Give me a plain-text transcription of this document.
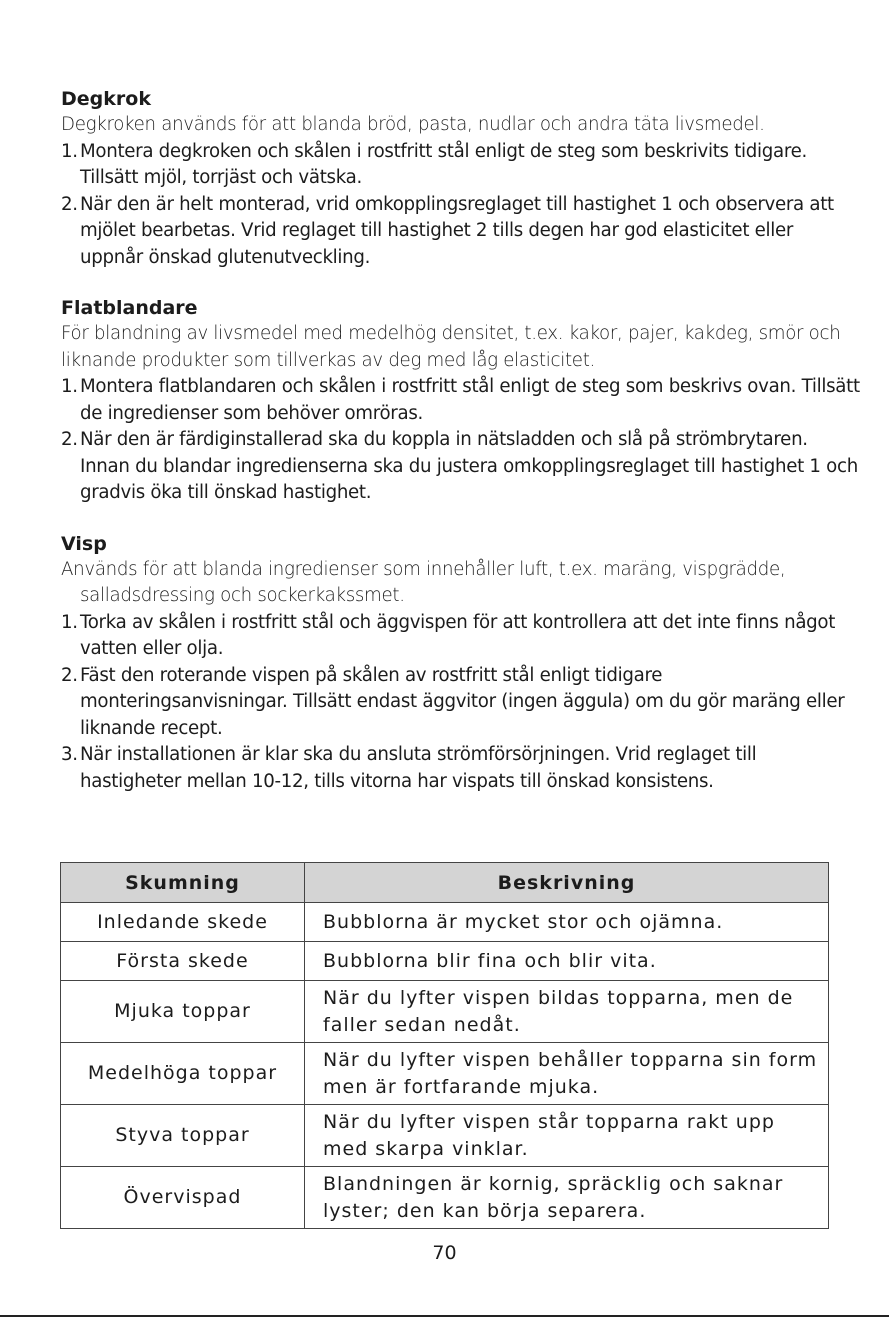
Degkrok

Degkroken används för att blanda bröd, pasta, nudlar och andra täta livsmedel.

1. Montera degkroken och skålen i rostfritt stål enligt de steg som beskrivits tidigare. Tillsätt mjöl, torrjäst och vätska.
2. När den är helt monterad, vrid omkopplingsreglaget till hastighet 1 och observera att mjölet bearbetas. Vrid reglaget till hastighet 2 tills degen har god elasticitet eller uppnår önskad glutenutveckling.
Flatblandare

För blandning av livsmedel med medelhög densitet, t.ex. kakor, pajer, kakdeg, smör och liknande produkter som tillverkas av deg med låg elasticitet.

1. Montera flatblandaren och skålen i rostfritt stål enligt de steg som beskrivs ovan. Tillsätt de ingredienser som behöver omröras.
2. När den är färdiginstallerad ska du koppla in nätsladden och slå på strömbrytaren. Innan du blandar ingredienserna ska du justera omkopplingsreglaget till hastighet 1 och gradvis öka till önskad hastighet.
Visp

Används för att blanda ingredienser som innehåller luft, t.ex. maräng, vispgrädde, salladsdressing och sockerkakssmet.

1. Torka av skålen i rostfritt stål och äggvispen för att kontrollera att det inte finns något vatten eller olja.
2. Fäst den roterande vispen på skålen av rostfritt stål enligt tidigare monteringsanvisningar. Tillsätt endast äggvitor (ingen äggula) om du gör maräng eller liknande recept.
3. När installationen är klar ska du ansluta strömförsörjningen. Vrid reglaget till hastigheter mellan 10-12, tills vitorna har vispats till önskad konsistens.
Skumning	Beskrivning
Inledande skede	Bubblorna är mycket stor och ojämna.
Första skede	Bubblorna blir fina och blir vita.
Mjuka toppar	När du lyfter vispen bildas topparna, men de faller sedan nedåt.
Medelhöga toppar	När du lyfter vispen behåller topparna sin form men är fortfarande mjuka.
Styva toppar	När du lyfter vispen står topparna rakt upp med skarpa vinklar.
Övervispad	Blandningen är kornig, spräcklig och saknar lyster; den kan börja separera.
70
